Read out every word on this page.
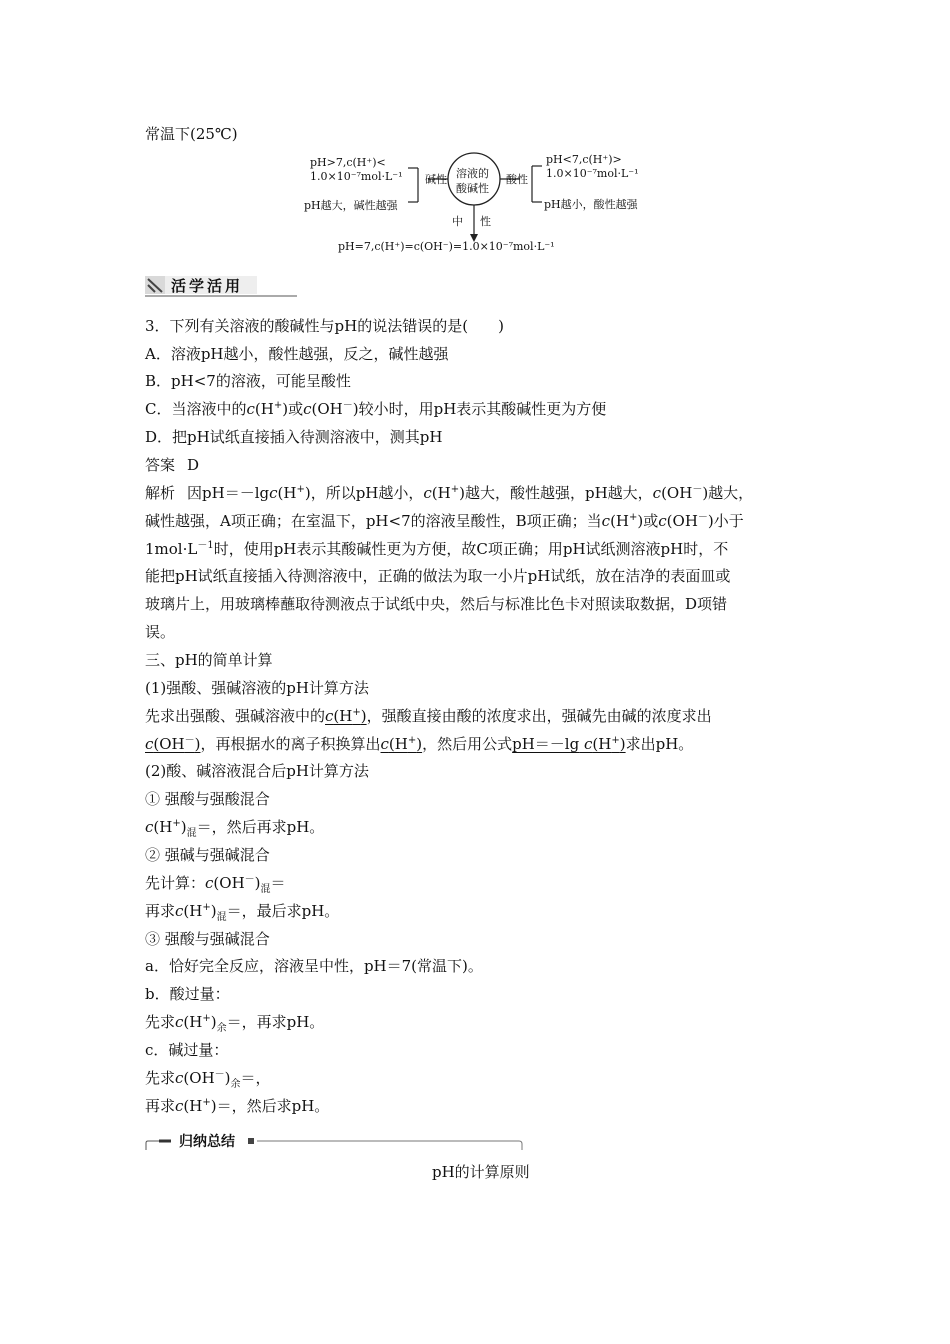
常温下(25℃)
pH>7,c(H⁺)<
1.0×10⁻⁷mol·L⁻¹
pH越大，碱性越强
碱性 溶液的
酸碱性
酸性
pH<7,c(H⁺)>
1.0×10⁻⁷mol·L⁻¹
pH越小，酸性越强
中 性
pH=7,c(H⁺)=c(OH⁻)=1.0×10⁻⁷mol·L⁻¹
活学活用
3．下列有关溶液的酸碱性与pH的说法错误的是(　　)
A．溶液pH越小，酸性越强，反之，碱性越强
B．pH<7的溶液，可能呈酸性
C．当溶液中的c(H+)或c(OH－)较小时，用pH表示其酸碱性更为方便
D．把pH试纸直接插入待测溶液中，测其pH
答案 D
解析 因pH＝－lgc(H+)，所以pH越小，c(H+)越大，酸性越强，pH越大，c(OH－)越大，
碱性越强，A项正确；在室温下，pH<7的溶液呈酸性，B项正确；当c(H+)或c(OH－)小于
$1mol\cdot L^{-1}$时，使用pH表示其酸碱性更为方便，故C项正确；用pH试纸测溶液pH时，不
能把pH试纸直接插入待测溶液中，正确的做法为取一小片pH试纸，放在洁净的表面皿或
玻璃片上，用玻璃棒蘸取待测液点于试纸中央，然后与标准比色卡对照读取数据，D项错
误。
三、pH的简单计算
(1)强酸、强碱溶液的pH计算方法
先求出强酸、强碱溶液中的c(H+)，强酸直接由酸的浓度求出，强碱先由碱的浓度求出
c(OH－)，再根据水的离子积换算出c(H+)，然后用公式pH＝－lg c(H+)求出pH。
(2)酸、碱溶液混合后pH计算方法
① 强酸与强酸混合
$c(H^+)_混=$，然后再求pH。
② 强碱与强碱混合
先计算：$c(OH^-)_混=$
再求$c(H^+)_混=$，最后求pH。
③ 强酸与强碱混合
a．恰好完全反应，溶液呈中性，pH＝7(常温下)。
b．酸过量：
先求$c(H^+)_余=$，再求pH。
c．碱过量：
先求$c(OH^-)_余=$，
再求c(H+)＝，然后求pH。
归纳总结
pH的计算原则
